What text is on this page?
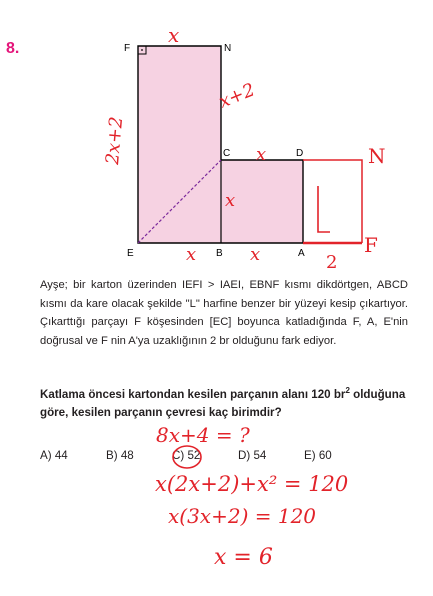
8.	F	N
C	D
E	B	A

Ayşe; bir karton üzerinden IEFI > IAEI, EBNF kısmı dikdörtgen, ABCD kısmı da kare olacak şekilde "L" harfine benzer bir yüzeyi kesip çıkartıyor. Çıkarttığı parçayı F köşesinden [EC] boyunca katladığında F, A, E'nin doğrusal ve F nin A'ya uzaklığının 2 br olduğunu fark ediyor.

Katlama öncesi kartondan kesilen parçanın alanı 120 $br^2$ olduğuna göre, kesilen parçanın çevresi kaç birimdir?
A) 44	B) 48	C) 52	D) 54	E) 60
x
x+2
2x+2	x
x
N
x	x	2
F
8x+4 = ?
x(2x+2)+x² = 120
x(3x+2) = 120
x = 6
